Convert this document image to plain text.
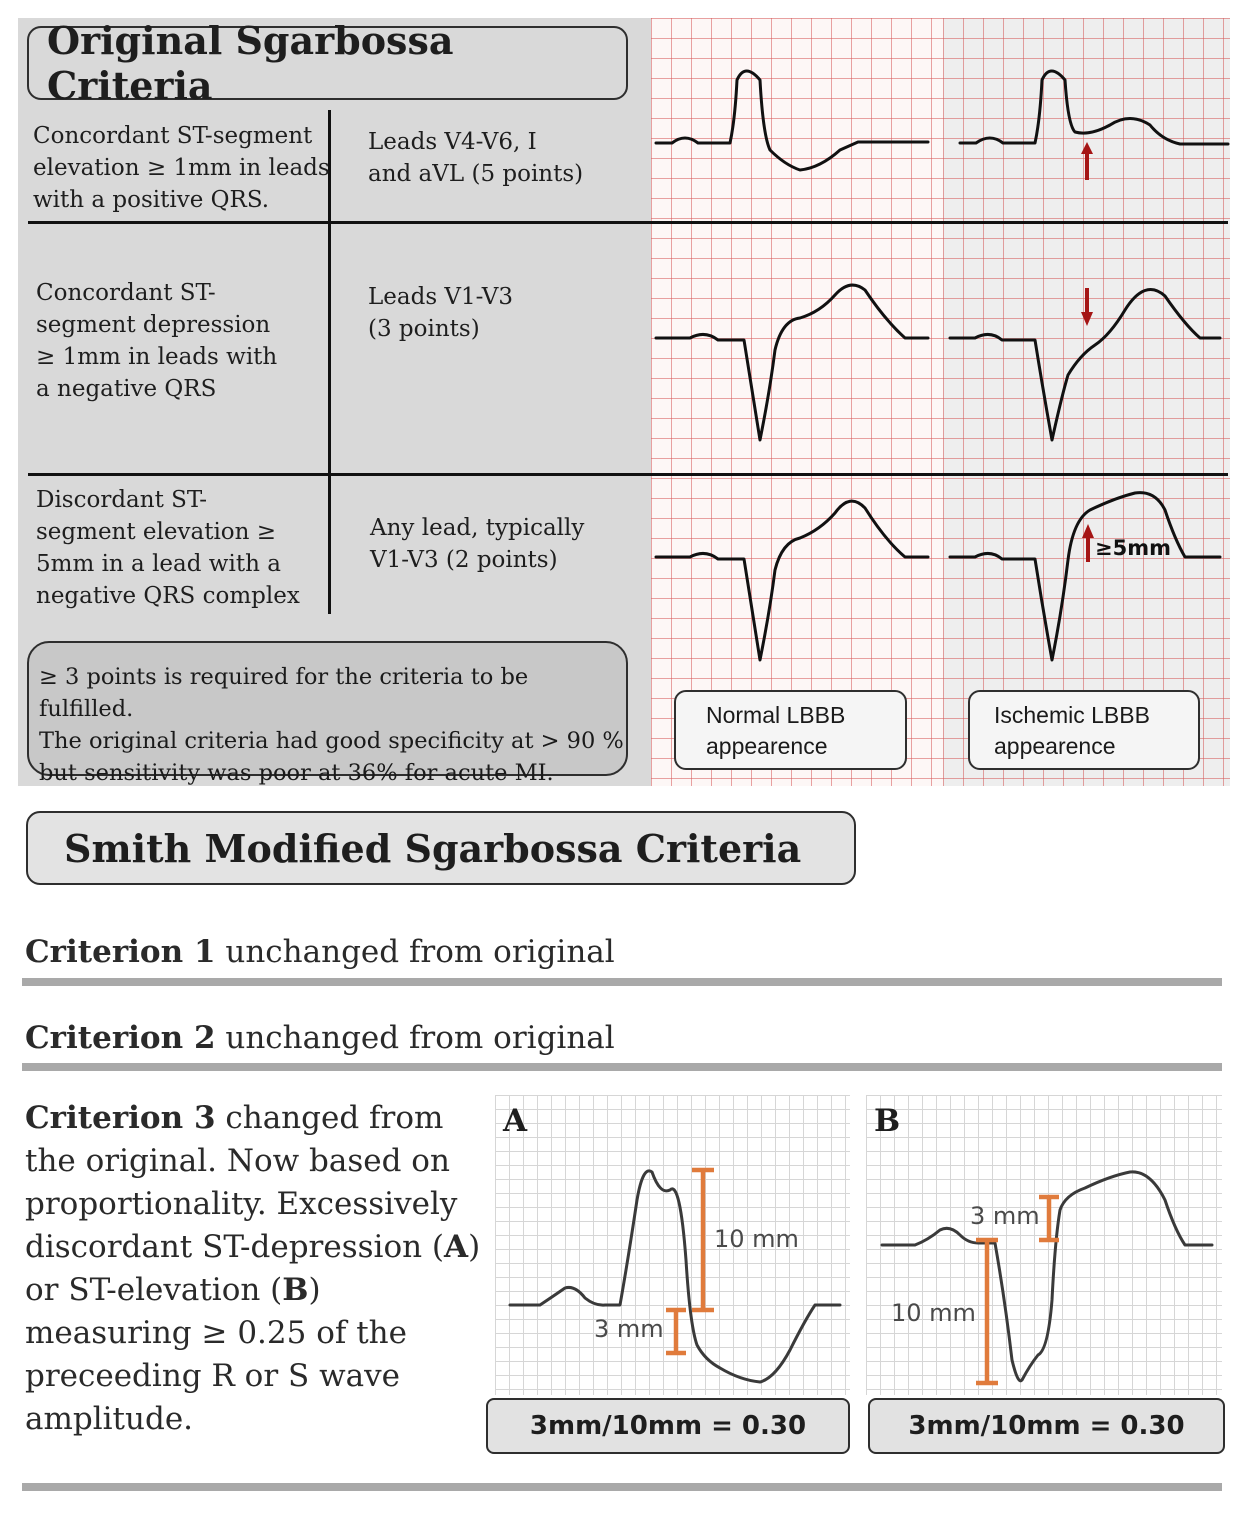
Original Sgarbossa Criteria
Concordant ST-segment
elevation ≥ 1mm in leads
with a positive QRS.
Leads V4-V6, I
and aVL (5 points)
Concordant ST-
segment depression
≥ 1mm in leads with
a negative QRS
Leads V1-V3
(3 points)
Discordant ST-
segment elevation ≥
5mm in a lead with a
negative QRS complex
Any lead, typically
V1-V3 (2 points)
≥ 3 points is required for the criteria to be fulfilled.
The original criteria had good specificity at > 90 %
but sensitivity was poor at 36% for acute MI.
≥5mm
Normal LBBB
appearence
Ischemic LBBB
appearence
Smith Modified Sgarbossa Criteria
Criterion 1 unchanged from original
Criterion 2 unchanged from original
Criterion 3 changed from
the original. Now based on
proportionality. Excessively
discordant ST-depression (A)
or ST-elevation (B)
measuring ≥ 0.25 of the
preceeding R or S wave
amplitude.
A	B
10 mm
3 mm
3 mm
10 mm
3mm/10mm = 0.30	3mm/10mm = 0.30
